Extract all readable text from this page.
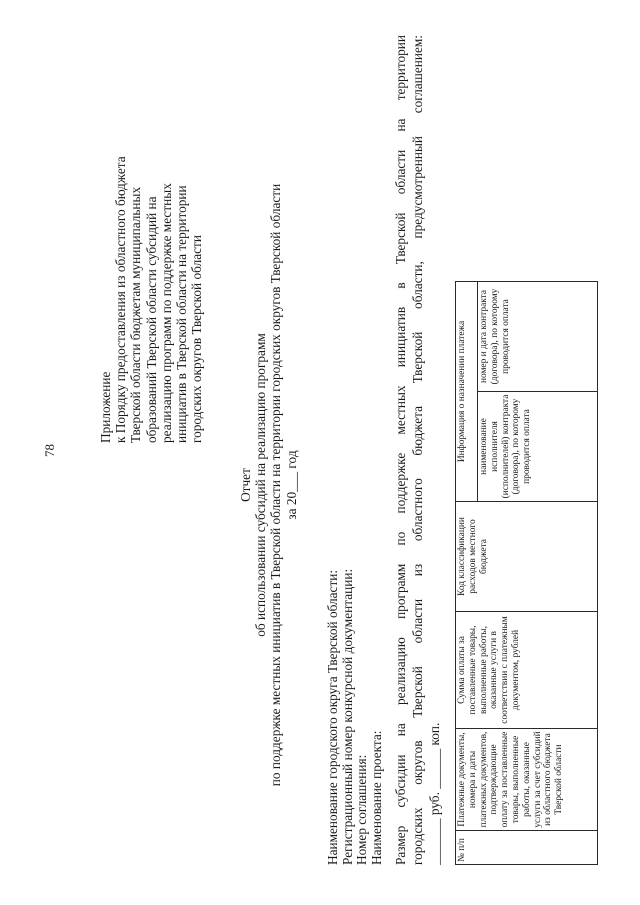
78
Приложение к Порядку предоставления из областного бюджета Тверской области бюджетам муниципальных образований Тверской области субсидий на реализацию программ по поддержке местных инициатив в Тверской области на территории городских округов Тверской области
Отчет об использовании субсидий на реализацию программ по поддержке местных инициатив в Тверской области на территории городских округов Тверской области за 20___ год
Наименование городского округа Тверской области: Регистрационный номер конкурсной документации: Номер соглашения: Наименование проекта: Размер субсидии на реализацию программ по поддержке местных инициатив в Тверской области на территории городских округов Тверской области из областного бюджета Тверской области, предусмотренный соглашением: _______ руб. ______ коп. № п/п	Платежные документы, номера и даты платежных документов, подтверждающие оплату за поставленные товары, выполненные работы, оказанные услуги за счет субсидий из областного бюджета Тверской области	Сумма оплаты за поставленные товары, выполненные работы, оказанные услуги в соответствии с платежным документом, рублей	Код классификации расходов местного бюджета	Информация о назначении платежа	
				наименование исполнителя (исполнителей) контракта (договора), по которому проводится оплата	номер и дата контракта (договора), по которому проводится оплата
